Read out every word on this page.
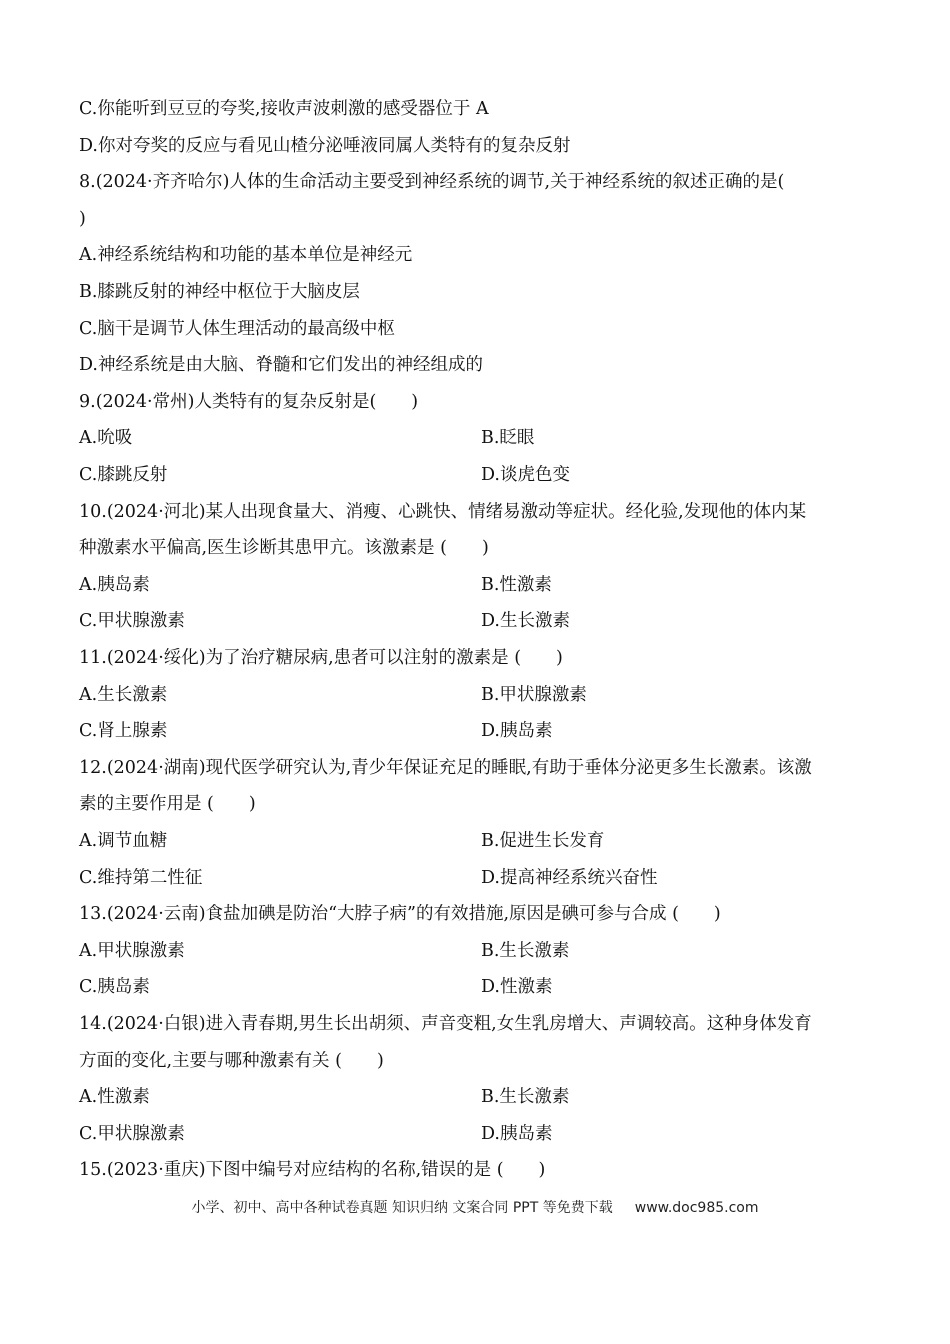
C.你能听到豆豆的夸奖,接收声波刺激的感受器位于 A
D.你对夸奖的反应与看见山楂分泌唾液同属人类特有的复杂反射
8.(2024·齐齐哈尔)人体的生命活动主要受到神经系统的调节,关于神经系统的叙述正确的是(
)
A.神经系统结构和功能的基本单位是神经元
B.膝跳反射的神经中枢位于大脑皮层
C.脑干是调节人体生理活动的最高级中枢
D.神经系统是由大脑、脊髓和它们发出的神经组成的
9.(2024·常州)人类特有的复杂反射是(　　)
A.吮吸	B.眨眼
C.膝跳反射	D.谈虎色变
10.(2024·河北)某人出现食量大、消瘦、心跳快、情绪易激动等症状。经化验,发现他的体内某
种激素水平偏高,医生诊断其患甲亢。该激素是 (　　)
A.胰岛素	B.性激素
C.甲状腺激素	D.生长激素
11.(2024·绥化)为了治疗糖尿病,患者可以注射的激素是 (　　)
A.生长激素	B.甲状腺激素
C.肾上腺素	D.胰岛素
12.(2024·湖南)现代医学研究认为,青少年保证充足的睡眠,有助于垂体分泌更多生长激素。该激
素的主要作用是 (　　)
A.调节血糖	B.促进生长发育
C.维持第二性征	D.提高神经系统兴奋性
13.(2024·云南)食盐加碘是防治“大脖子病”的有效措施,原因是碘可参与合成 (　　)
A.甲状腺激素	B.生长激素
C.胰岛素	D.性激素
14.(2024·白银)进入青春期,男生长出胡须、声音变粗,女生乳房增大、声调较高。这种身体发育
方面的变化,主要与哪种激素有关 (　　)
A.性激素	B.生长激素
C.甲状腺激素	D.胰岛素
15.(2023·重庆)下图中编号对应结构的名称,错误的是 (　　)
小学、初中、高中各种试卷真题 知识归纳 文案合同 PPT 等免费下载 www.doc985.com
